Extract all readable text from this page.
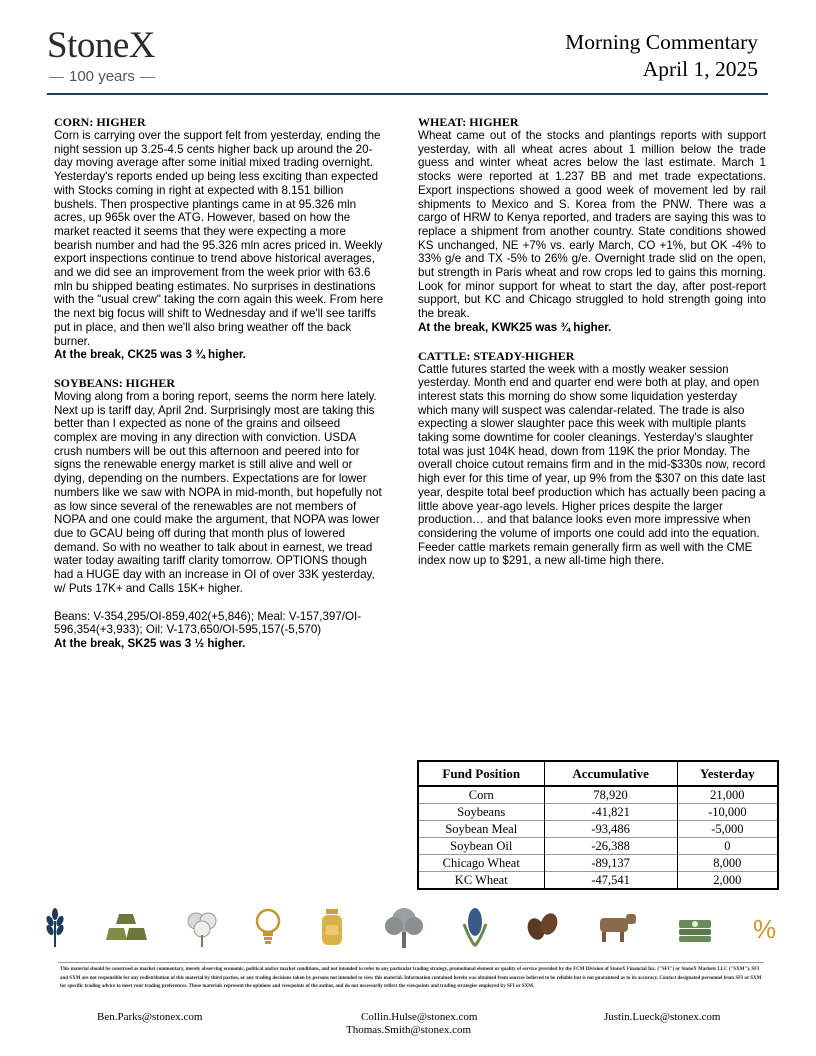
StoneX
100 years
Morning Commentary
April 1, 2025
CORN: HIGHER
Corn is carrying over the support felt from yesterday, ending the night session up 3.25-4.5 cents higher back up around the 20-day moving average after some initial mixed trading overnight. Yesterday's reports ended up being less exciting than expected with Stocks coming in right at expected with 8.151 billion bushels. Then prospective plantings came in at 95.326 mln acres, up 965k over the ATG. However, based on how the market reacted it seems that they were expecting a more bearish number and had the 95.326 mln acres priced in. Weekly export inspections continue to trend above historical averages, and we did see an improvement from the week prior with 63.6 mln bu shipped beating estimates. No surprises in destinations with the "usual crew" taking the corn again this week. From here the next big focus will shift to Wednesday and if we'll see tariffs put in place, and then we'll also bring weather off the back burner.
At the break, CK25 was 3 ¾ higher.
SOYBEANS: HIGHER
Moving along from a boring report, seems the norm here lately. Next up is tariff day, April 2nd. Surprisingly most are taking this better than I expected as none of the grains and oilseed complex are moving in any direction with conviction. USDA crush numbers will be out this afternoon and peered into for signs the renewable energy market is still alive and well or dying, depending on the numbers. Expectations are for lower numbers like we saw with NOPA in mid-month, but hopefully not as low since several of the renewables are not members of NOPA and one could make the argument, that NOPA was lower due to GCAU being off during that month plus of lowered demand. So with no weather to talk about in earnest, we tread water today awaiting tariff clarity tomorrow. OPTIONS though had a HUGE day with an increase in OI of over 33K yesterday, w/ Puts 17K+ and Calls 15K+ higher.
Beans: V-354,295/OI-859,402(+5,846); Meal: V-157,397/OI-596,354(+3,933); Oil: V-173,650/OI-595,157(-5,570)
At the break, SK25 was 3 ½ higher.
WHEAT: HIGHER
Wheat came out of the stocks and plantings reports with support yesterday, with all wheat acres about 1 million below the trade guess and winter wheat acres below the last estimate. March 1 stocks were reported at 1.237 BB and met trade expectations. Export inspections showed a good week of movement led by rail shipments to Mexico and S. Korea from the PNW. There was a cargo of HRW to Kenya reported, and traders are saying this was to replace a shipment from another country. State conditions showed KS unchanged, NE +7% vs. early March, CO +1%, but OK -4% to 33% g/e and TX -5% to 26% g/e. Overnight trade slid on the open, but strength in Paris wheat and row crops led to gains this morning. Look for minor support for wheat to start the day, after post-report support, but KC and Chicago struggled to hold strength going into the break.
At the break, KWK25 was ¾ higher.
CATTLE: STEADY-HIGHER
Cattle futures started the week with a mostly weaker session yesterday. Month end and quarter end were both at play, and open interest stats this morning do show some liquidation yesterday which many will suspect was calendar-related. The trade is also expecting a slower slaughter pace this week with multiple plants taking some downtime for cooler cleanings. Yesterday's slaughter total was just 104K head, down from 119K the prior Monday. The overall choice cutout remains firm and in the mid-$330s now, record high ever for this time of year, up 9% from the $307 on this date last year, despite total beef production which has actually been pacing a little above year-ago levels. Higher prices despite the larger production… and that balance looks even more impressive when considering the volume of imports one could add into the equation. Feeder cattle markets remain generally firm as well with the CME index now up to $291, a new all-time high there.
Fund Position	Accumulative	Yesterday
Corn	78,920	21,000
Soybeans	-41,821	-10,000
Soybean Meal	-93,486	-5,000
Soybean Oil	-26,388	0
Chicago Wheat	-89,137	8,000
KC Wheat	-47,541	2,000
%
This material should be construed as market commentary, merely observing economic, political and/or market conditions, and not intended to refer to any particular trading strategy, promotional element or quality of service provided by the FCM Division of StoneX Financial Inc. ("SFI") or StoneX Markets LLC ("SXM"). SFI and SXM are not responsible for any redistribution of this material by third parties, or any trading decisions taken by persons not intended to view this material. Information contained herein was obtained from sources believed to be reliable but is not guaranteed as to its accuracy. Contact designated personnel from SFI or SXM for specific trading advice to meet your trading preferences. These materials represent the opinions and viewpoints of the author, and do not necessarily reflect the viewpoints and trading strategies employed by SFI or SXM.
Ben.Parks@stonex.com	Collin.Hulse@stonex.com
Thomas.Smith@stonex.com
Justin.Lueck@stonex.com
